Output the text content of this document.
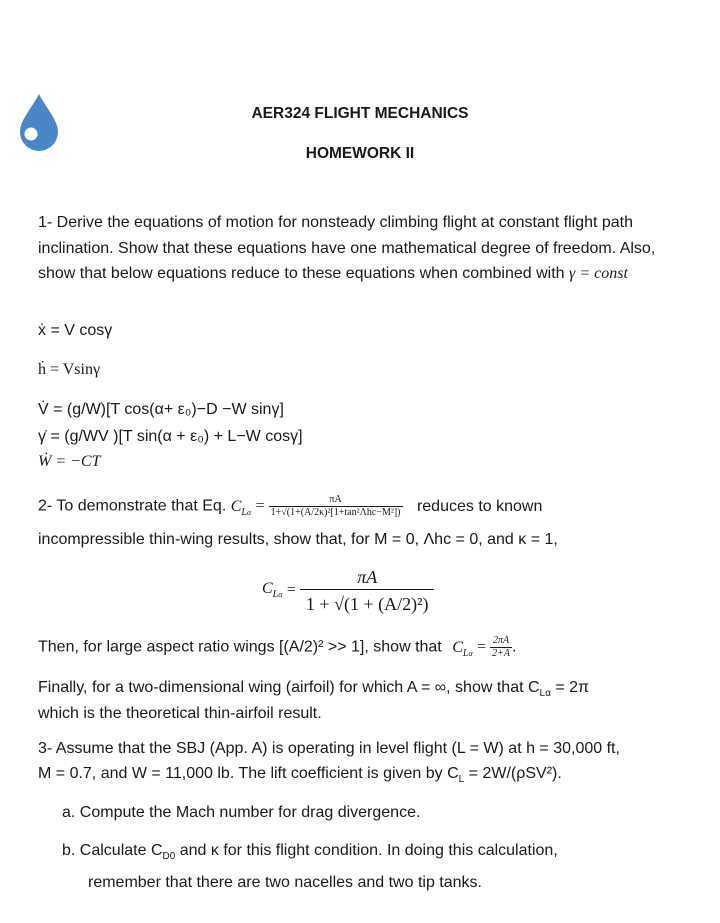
AER324 FLIGHT MECHANICS
HOMEWORK II
1- Derive the equations of motion for nonsteady climbing flight at constant flight path inclination. Show that these equations have one mathematical degree of freedom. Also, show that below equations reduce to these equations when combined with γ = const
ẋ = V cosγ
ḣ = Vsinγ
V̇ = (g/W)[T cos(α+ ε₀)−D −W sinγ]
γ̇ = (g/WV )[T sin(α + ε₀) + L−W cosγ]
Ẇ = −CT
2- To demonstrate that Eq. $C_{L\alpha} = \frac{\pi A}{\text{1+√(1+(A/2κ)²[1+tan²Λhc−M²])}}$ reduces to known
incompressible thin-wing results, show that, for M = 0, Λhc = 0, and κ = 1,
$C_{L\alpha} = \frac{\pi A}{\text{1 + √(1 + (A/2)²)}}$
Then, for large aspect ratio wings [(A/2)² >> 1], show that $C_{L\alpha} = \frac{2\pi A}{2+A}$ .
Finally, for a two-dimensional wing (airfoil) for which A = ∞, show that $C_{L\alpha} = 2\pi$
which is the theoretical thin-airfoil result.
3- Assume that the SBJ (App. A) is operating in level flight (L = W) at h = 30,000 ft,
M = 0.7, and W = 11,000 lb. The lift coefficient is given by $C_L = 2W/(\rho SV^2)$.
a. Compute the Mach number for drag divergence.
b. Calculate $C_{D0}$ and κ for this flight condition. In doing this calculation,
remember that there are two nacelles and two tip tanks.
